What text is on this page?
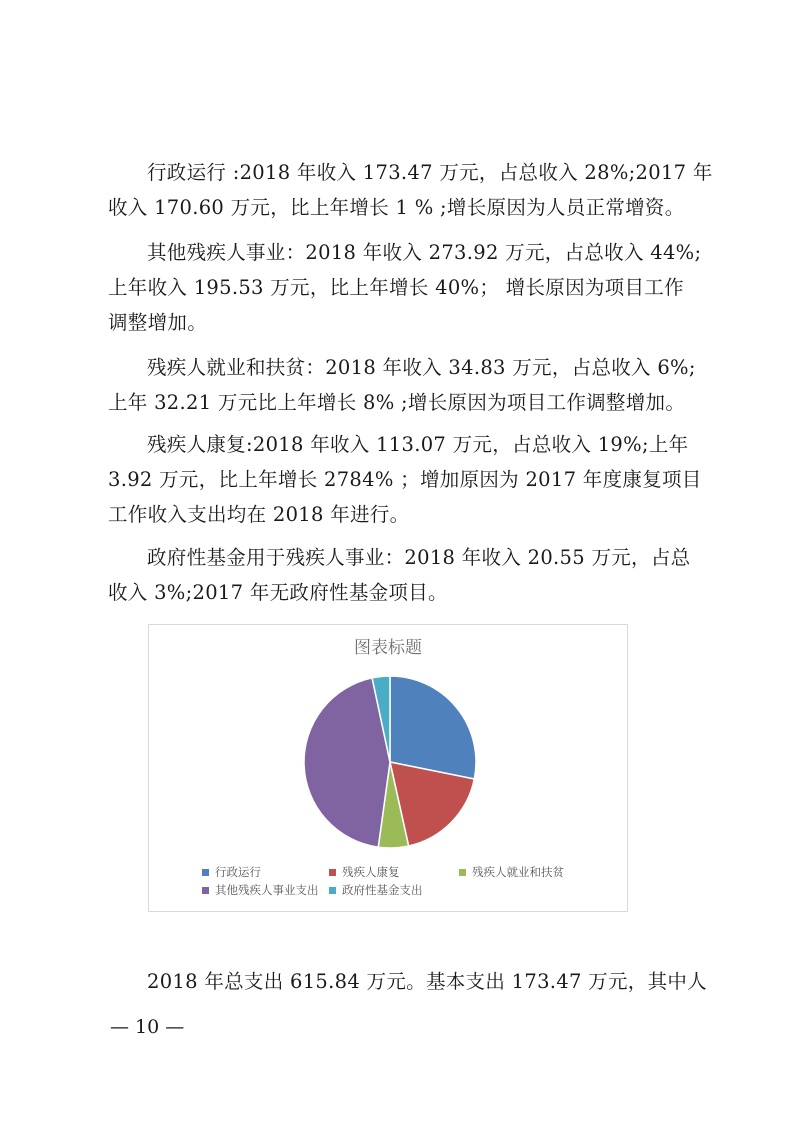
行政运行 :2018 年收入 173.47 万元，占总收入 28%;2017 年
收入 170.60 万元，比上年增长 1 % ;增长原因为人员正常增资。
其他残疾人事业：2018 年收入 273.92 万元，占总收入 44%;
上年收入 195.53 万元，比上年增长 40%； 增长原因为项目工作
调整增加。
残疾人就业和扶贫：2018 年收入 34.83 万元，占总收入 6%;
上年 32.21 万元比上年增长 8% ;增长原因为项目工作调整增加。
残疾人康复:2018 年收入 113.07 万元，占总收入 19%;上年
3.92 万元，比上年增长 2784% ；增加原因为 2017 年度康复项目
工作收入支出均在 2018 年进行。
政府性基金用于残疾人事业：2018 年收入 20.55 万元，占总
收入 3%;2017 年无政府性基金项目。
图表标题
行政运行	残疾人康复	残疾人就业和扶贫
其他残疾人事业支出	政府性基金支出
2018 年总支出 615.84 万元。基本支出 173.47 万元，其中人
— 10 —
